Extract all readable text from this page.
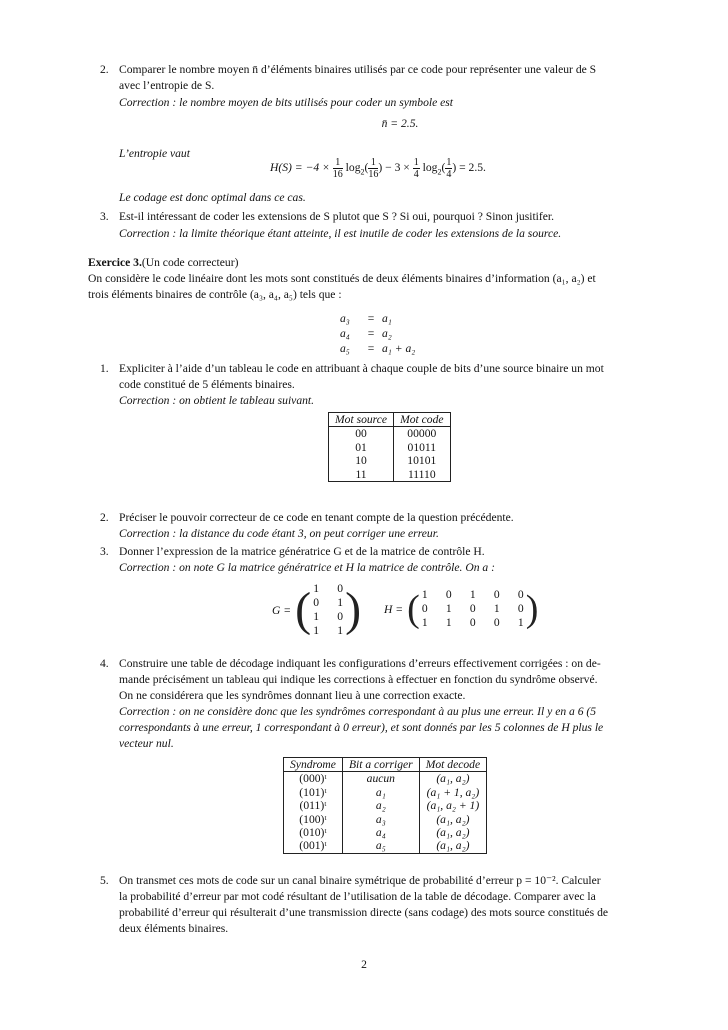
2. Comparer le nombre moyen n̄ d’éléments binaires utilisés par ce code pour représenter une valeur de S
avec l’entropie de S.
Correction : le nombre moyen de bits utilisés pour coder un symbole est
n̄ = 2.5.
L’entropie vaut
$H(S) = -4 \times \frac{1}{16} \log_2( \frac{1}{16}$ ) − $3 \times \frac{1}{4} \log_2( \frac{1}{4}$ ) = 2.5.
Le codage est donc optimal dans ce cas.
3. Est-il intéressant de coder les extensions de S plutot que S ? Si oui, pourquoi ? Sinon jusitifer.
Correction : la limite théorique étant atteinte, il est inutile de coder les extensions de la source.
Exercice 3.(Un code correcteur)
On considère le code linéaire dont les mots sont constitués de deux éléments binaires d’information (a₁, a₂) et
trois éléments binaires de contrôle (a₃, a₄, a₅) tels que :
a₃	= a₁
a₄	= a₂
a₅	= a₁ + a₂
1. Expliciter à l’aide d’un tableau le code en attribuant à chaque couple de bits d’une source binaire un mot
code constitué de 5 éléments binaires.
Correction : on obtient le tableau suivant.
Mot source	Mot code
00	00000
01	01011
10	10101
11	11110
2. Préciser le pouvoir correcteur de ce code en tenant compte de la question précédente.
Correction : la distance du code étant 3, on peut corriger une erreur.
3. Donner l’expression de la matrice génératrice G et de la matrice de contrôle H.
Correction : on note G la matrice génératrice et H la matrice de contrôle. On a :
G = ( 1 0
0 1
1 0
1 1 ) H = ( 1 0 1 0 0
0 1 0 1 0
1 1 0 0 1 )
4. Construire une table de décodage indiquant les configurations d’erreurs effectivement corrigées : on de-
mande précisément un tableau qui indique les corrections à effectuer en fonction du syndrôme observé.
On ne considérera que les syndrômes donnant lieu à une correction exacte.
Correction : on ne considère donc que les syndrômes correspondant à au plus une erreur. Il y en a 6 (5
correspondants à une erreur, 1 correspondant à 0 erreur), et sont donnés par les 5 colonnes de H plus le
vecteur nul.
Syndrome	Bit a corriger	Mot decode
(000)ᵗ	aucun	(a₁, a₂)
(101)ᵗ	a₁	(a₁ + 1, a₂)
(011)ᵗ	a₂	(a₁, a₂ + 1)
(100)ᵗ	a₃	(a₁, a₂)
(010)ᵗ	a₄	(a₁, a₂)
(001)ᵗ	a₅	(a₁, a₂)
5. On transmet ces mots de code sur un canal binaire symétrique de probabilité d’erreur p = 10⁻². Calculer
la probabilité d’erreur par mot codé résultant de l’utilisation de la table de décodage. Comparer avec la
probabilité d’erreur qui résulterait d’une transmission directe (sans codage) des mots source constitués de
deux éléments binaires.
2
